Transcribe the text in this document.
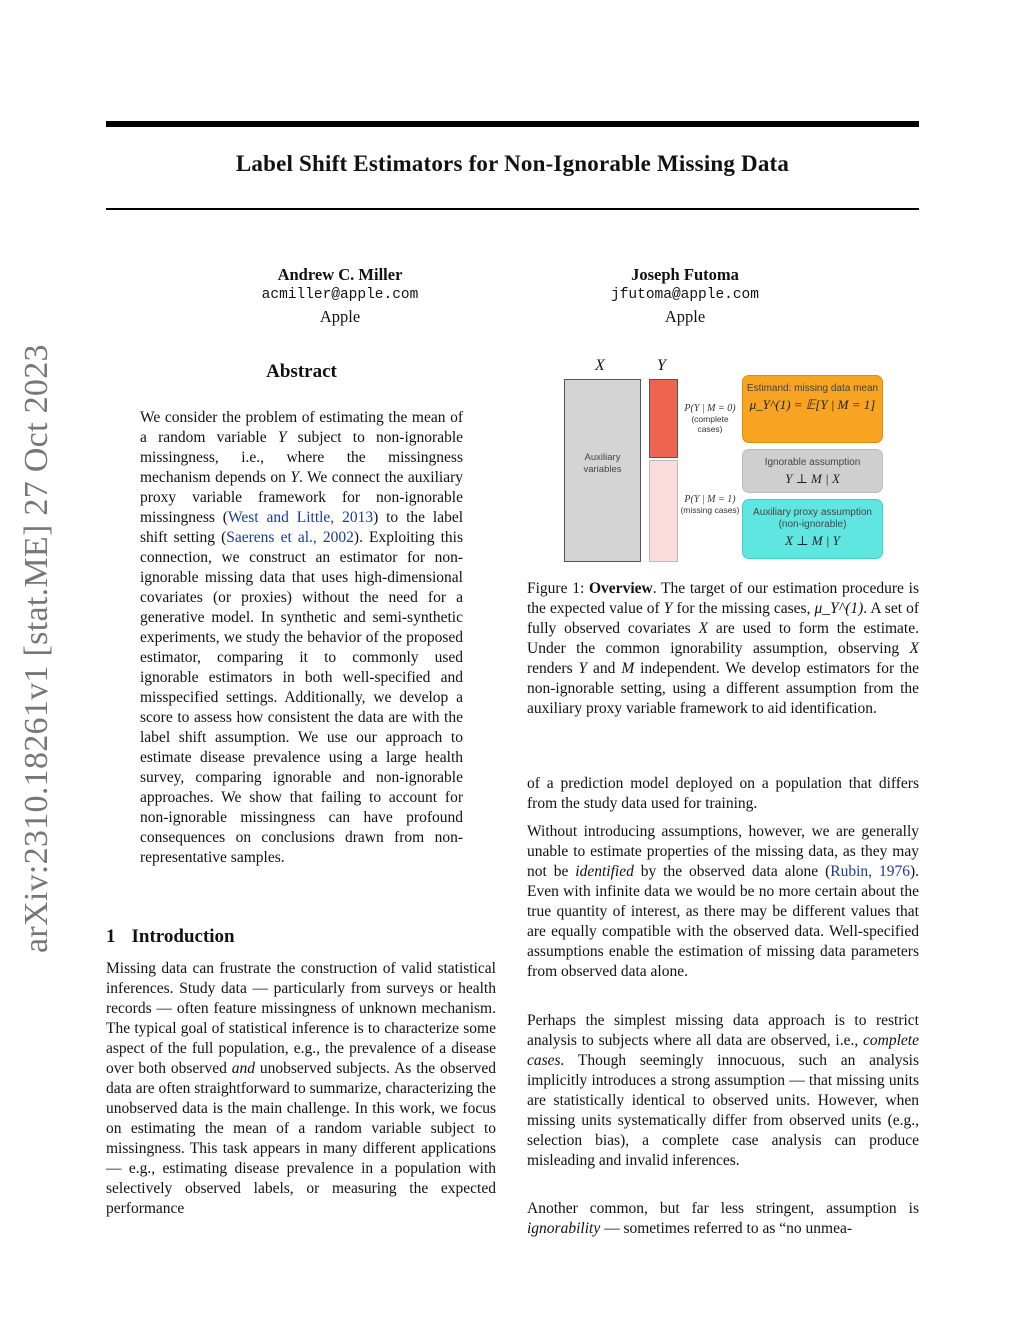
Label Shift Estimators for Non-Ignorable Missing Data
arXiv:2310.18261v1 [stat.ME] 27 Oct 2023
Andrew C. Miller
acmiller@apple.com
Apple
Joseph Futoma
jfutoma@apple.com
Apple
Abstract

We consider the problem of estimating the mean of a random variable Y subject to non-ignorable missingness, i.e., where the missingness mechanism depends on Y. We connect the auxiliary proxy variable framework for non-ignorable missingness (West and Little, 2013) to the label shift setting (Saerens et al., 2002). Exploiting this connection, we construct an estimator for non-ignorable missing data that uses high-dimensional covariates (or proxies) without the need for a generative model. In synthetic and semi-synthetic experiments, we study the behavior of the proposed estimator, comparing it to commonly used ignorable estimators in both well-specified and misspecified settings. Additionally, we develop a score to assess how consistent the data are with the label shift assumption. We use our approach to estimate disease prevalence using a large health survey, comparing ignorable and non-ignorable approaches. We show that failing to account for non-ignorable missingness can have profound consequences on conclusions drawn from non-representative samples.

1 Introduction

Missing data can frustrate the construction of valid statistical inferences. Study data — particularly from surveys or health records — often feature missingness of unknown mechanism. The typical goal of statistical inference is to characterize some aspect of the full population, e.g., the prevalence of a disease over both observed and unobserved subjects. As the observed data are often straightforward to summarize, characterizing the unobserved data is the main challenge. In this work, we focus on estimating the mean of a random variable subject to missingness. This task appears in many different applications — e.g., estimating disease prevalence in a population with selectively observed labels, or measuring the expected performance

X	Y
Auxiliary variables
P(Y | M = 0)
(complete cases)
P(Y | M = 1)
(missing cases)
Estimand: missing data mean
μ_Y^(1) = 𝔼[Y | M = 1]
Ignorable assumption
Y ⊥ M | X
Auxiliary proxy assumption (non-ignorable)
X ⊥ M | Y

Figure 1: Overview. The target of our estimation procedure is the expected value of Y for the missing cases, μ_Y^(1). A set of fully observed covariates X are used to form the estimate. Under the common ignorability assumption, observing X renders Y and M independent. We develop estimators for the non-ignorable setting, using a different assumption from the auxiliary proxy variable framework to aid identification.

of a prediction model deployed on a population that differs from the study data used for training.

Without introducing assumptions, however, we are generally unable to estimate properties of the missing data, as they may not be identified by the observed data alone (Rubin, 1976). Even with infinite data we would be no more certain about the true quantity of interest, as there may be different values that are equally compatible with the observed data. Well-specified assumptions enable the estimation of missing data parameters from observed data alone.

Perhaps the simplest missing data approach is to restrict analysis to subjects where all data are observed, i.e., complete cases. Though seemingly innocuous, such an analysis implicitly introduces a strong assumption — that missing units are statistically identical to observed units. However, when missing units systematically differ from observed units (e.g., selection bias), a complete case analysis can produce misleading and invalid inferences.

Another common, but far less stringent, assumption is ignorability — sometimes referred to as “no unmea-
